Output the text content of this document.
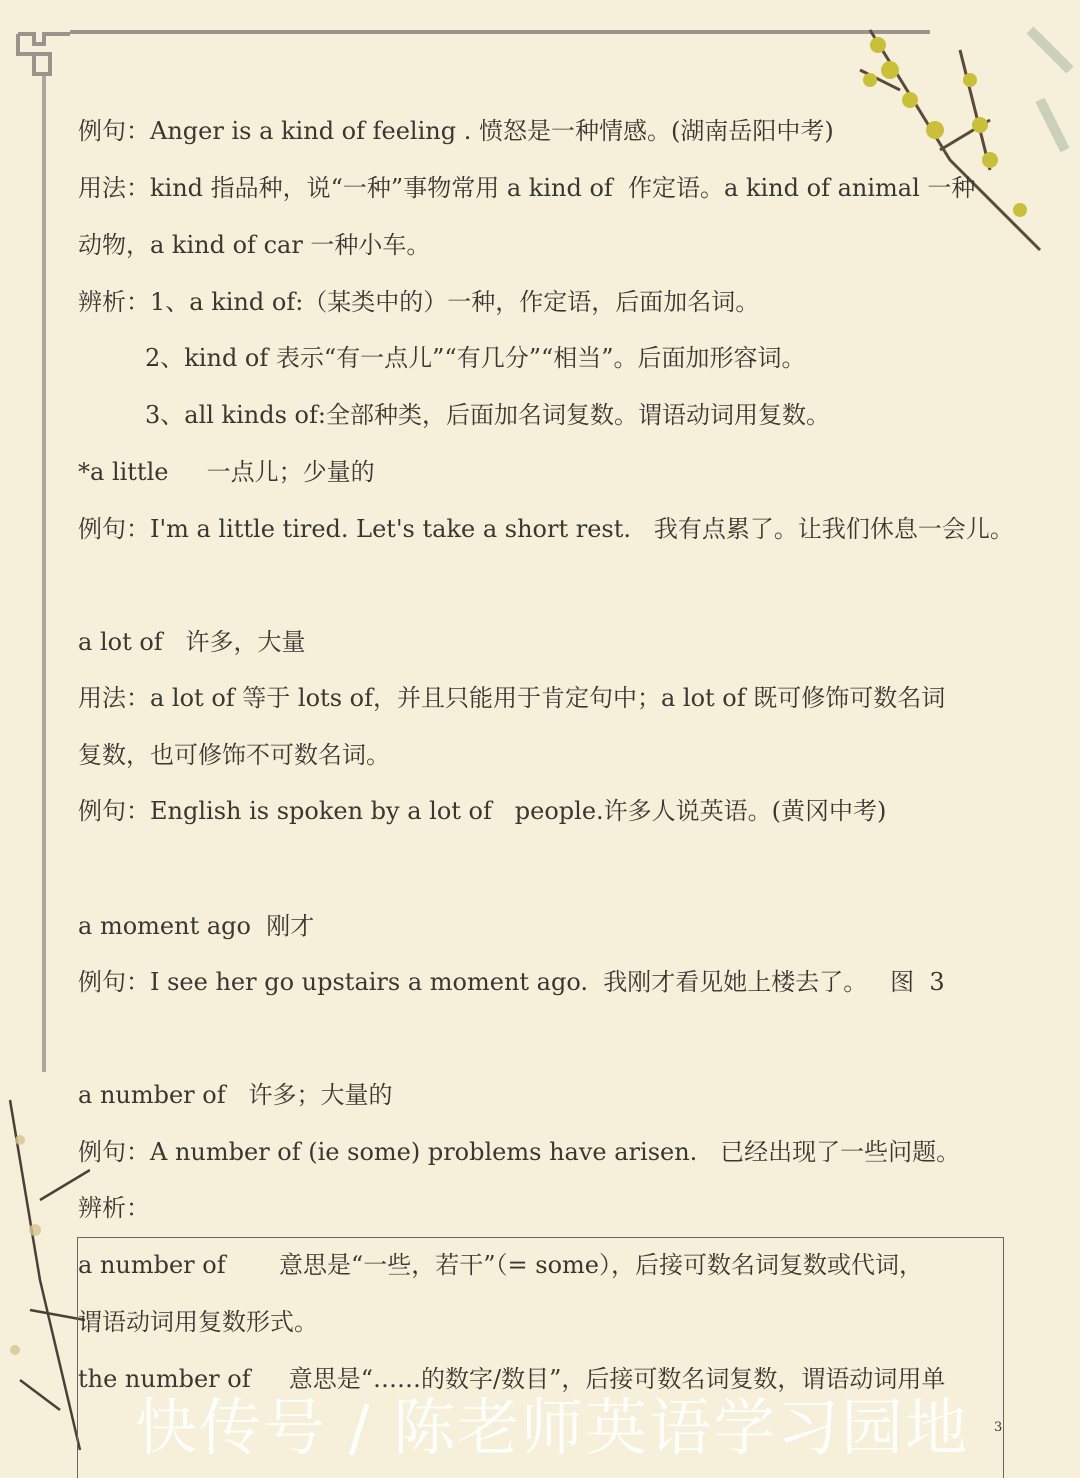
例句：Anger is a kind of feeling . 愤怒是一种情感。(湖南岳阳中考)
用法：kind 指品种，说“一种”事物常用 a kind of  作定语。a kind of animal 一种
动物，a kind of car 一种小车。
辨析：1、a kind of:（某类中的）一种，作定语，后面加名词。
2、kind of 表示“有一点儿”“有几分”“相当”。后面加形容词。
3、all kinds of:全部种类，后面加名词复数。谓语动词用复数。
*a little     一点儿；少量的
例句：I'm a little tired. Let's take a short rest.   我有点累了。让我们休息一会儿。
a lot of   许多，大量
用法：a lot of 等于 lots of，并且只能用于肯定句中；a lot of 既可修饰可数名词
复数，也可修饰不可数名词。
例句：English is spoken by a lot of   people.许多人说英语。(黄冈中考)
a moment ago  刚才
例句：I see her go upstairs a moment ago.  我刚才看见她上楼去了。   图  3
a number of   许多；大量的
例句：A number of (ie some) problems have arisen.   已经出现了一些问题。
辨析：
a number of       意思是“一些，若干”（= some），后接可数名词复数或代词，
谓语动词用复数形式。
the number of     意思是“……的数字/数目”，后接可数名词复数，谓语动词用单
快传号 / 陈老师英语学习园地 3
